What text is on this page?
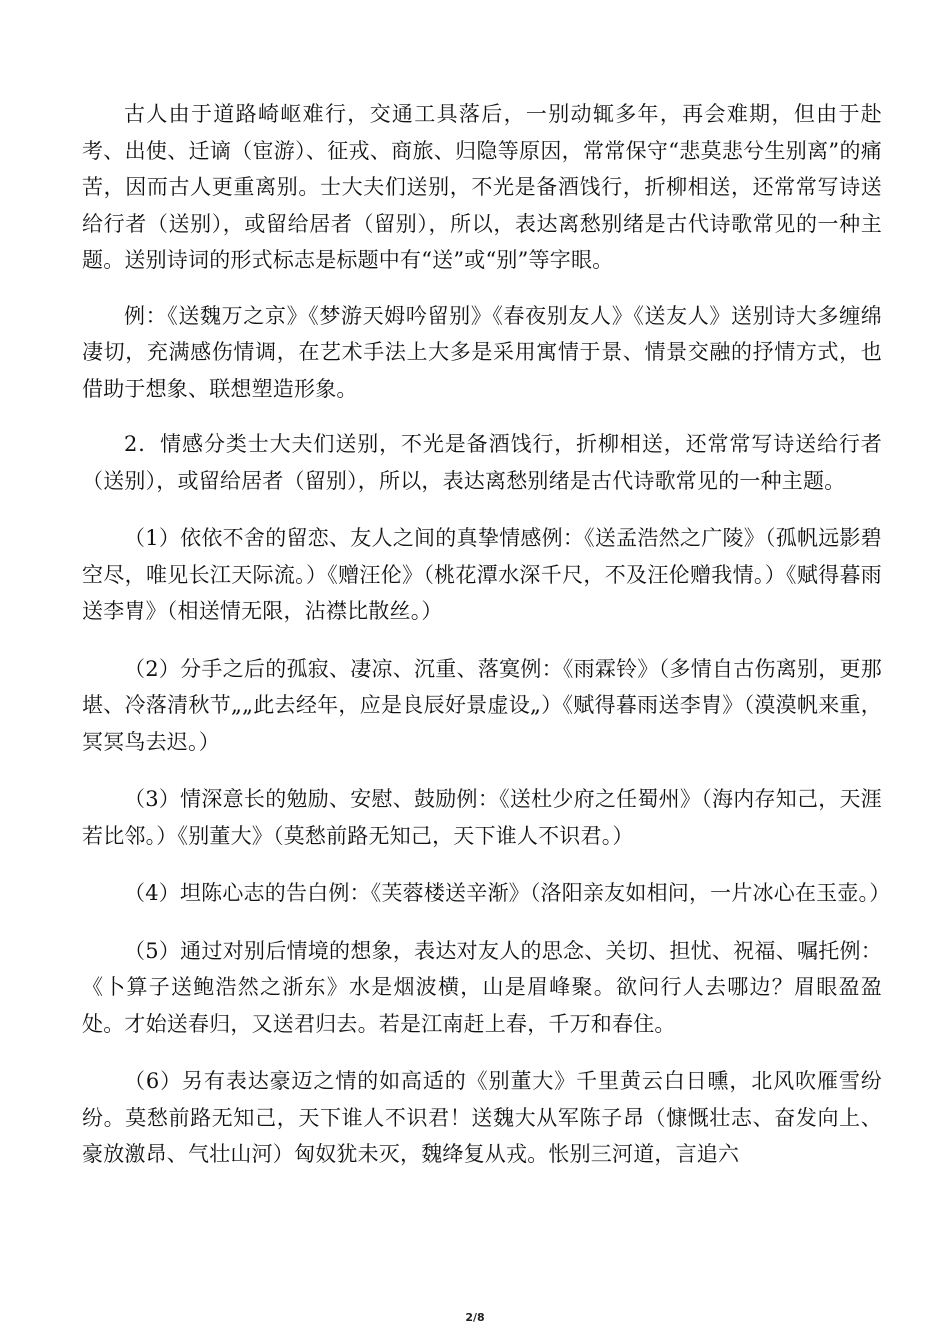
古人由于道路崎岖难行，交通工具落后，一别动辄多年，再会难期，但由于赴考、出使、迁谪（宦游）、征戎、商旅、归隐等原因，常常保守“悲莫悲兮生别离”的痛苦，因而古人更重离别。士大夫们送别，不光是备酒饯行，折柳相送，还常常写诗送给行者（送别），或留给居者（留别），所以，表达离愁别绪是古代诗歌常见的一种主题。送别诗词的形式标志是标题中有“送”或“别”等字眼。

例：《送魏万之京》《梦游天姆吟留别》《春夜别友人》《送友人》送别诗大多缠绵凄切，充满感伤情调，在艺术手法上大多是采用寓情于景、情景交融的抒情方式，也借助于想象、联想塑造形象。

2．情感分类士大夫们送别，不光是备酒饯行，折柳相送，还常常写诗送给行者（送别），或留给居者（留别），所以，表达离愁别绪是古代诗歌常见的一种主题。

（1）依依不舍的留恋、友人之间的真挚情感例：《送孟浩然之广陵》（孤帆远影碧空尽，唯见长江天际流。）《赠汪伦》（桃花潭水深千尺，不及汪伦赠我情。）《赋得暮雨送李胄》（相送情无限，沾襟比散丝。）

（2）分手之后的孤寂、凄凉、沉重、落寞例：《雨霖铃》（多情自古伤离别，更那堪、冷落清秋节„„此去经年，应是良辰好景虚设„）《赋得暮雨送李胄》（漠漠帆来重，冥冥鸟去迟。）

（3）情深意长的勉励、安慰、鼓励例：《送杜少府之任蜀州》（海内存知己，天涯若比邻。）《别董大》（莫愁前路无知己，天下谁人不识君。）

（4）坦陈心志的告白例：《芙蓉楼送辛渐》（洛阳亲友如相问，一片冰心在玉壶。）

（5）通过对别后情境的想象，表达对友人的思念、关切、担忧、祝福、嘱托例：《卜算子送鲍浩然之浙东》水是烟波横，山是眉峰聚。欲问行人去哪边？眉眼盈盈处。才始送春归，又送君归去。若是江南赶上春，千万和春住。

（6）另有表达豪迈之情的如高适的《别董大》千里黄云白日曛，北风吹雁雪纷纷。莫愁前路无知己，天下谁人不识君！送魏大从军陈子昂（慷慨壮志、奋发向上、豪放激昂、气壮山河）匈奴犹未灭，魏绛复从戎。怅别三河道，言追六

2/8
